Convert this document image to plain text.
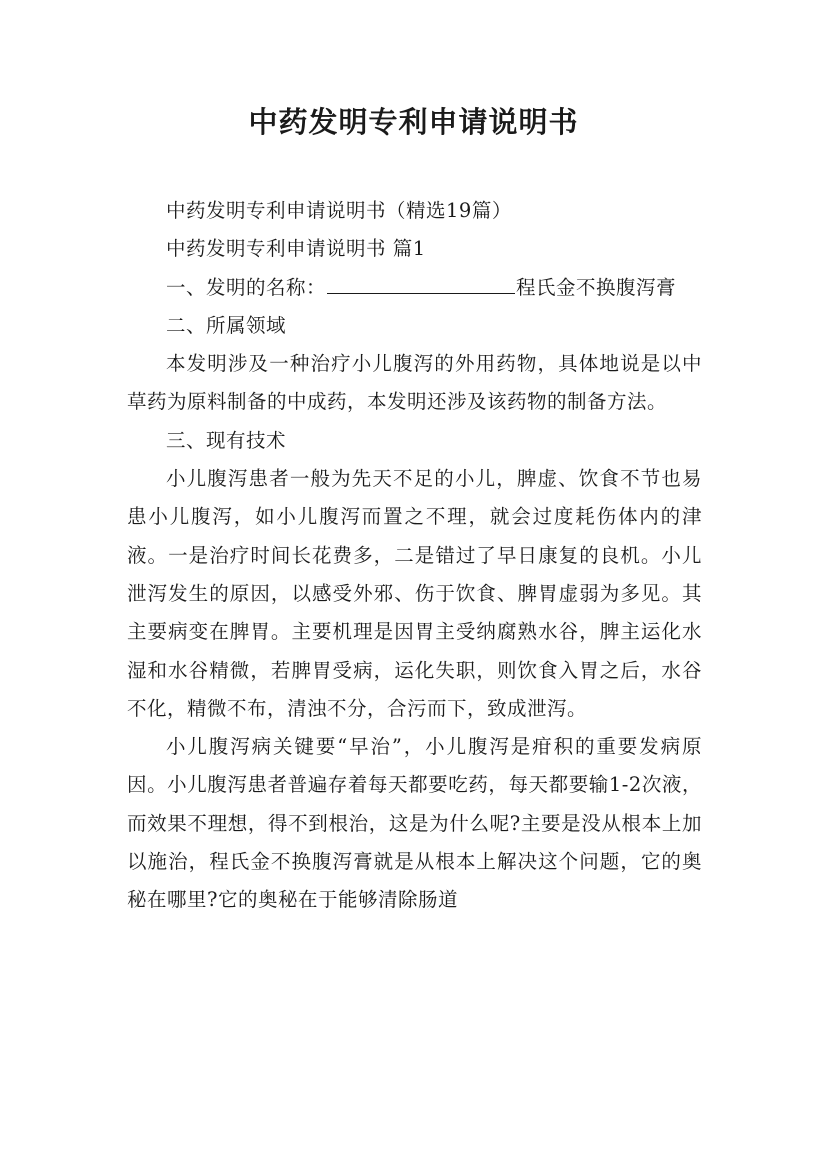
中药发明专利申请说明书

中药发明专利申请说明书（精选19篇）

中药发明专利申请说明书 篇1

一、发明的名称：	程氏金不换腹泻膏

二、所属领域

本发明涉及一种治疗小儿腹泻的外用药物，具体地说是以中草药为原料制备的中成药，本发明还涉及该药物的制备方法。

三、现有技术

小儿腹泻患者一般为先天不足的小儿，脾虚、饮食不节也易患小儿腹泻，如小儿腹泻而置之不理，就会过度耗伤体内的津液。一是治疗时间长花费多，二是错过了早日康复的良机。小儿泄泻发生的原因，以感受外邪、伤于饮食、脾胃虚弱为多见。其主要病变在脾胃。主要机理是因胃主受纳腐熟水谷，脾主运化水湿和水谷精微，若脾胃受病，运化失职，则饮食入胃之后，水谷不化，精微不布，清浊不分，合污而下，致成泄泻。

小儿腹泻病关键要“早治”，小儿腹泻是疳积的重要发病原因。小儿腹泻患者普遍存着每天都要吃药，每天都要输1-2次液，而效果不理想，得不到根治，这是为什么呢?主要是没从根本上加以施治，程氏金不换腹泻膏就是从根本上解决这个问题，它的奥秘在哪里?它的奥秘在于能够清除肠道
